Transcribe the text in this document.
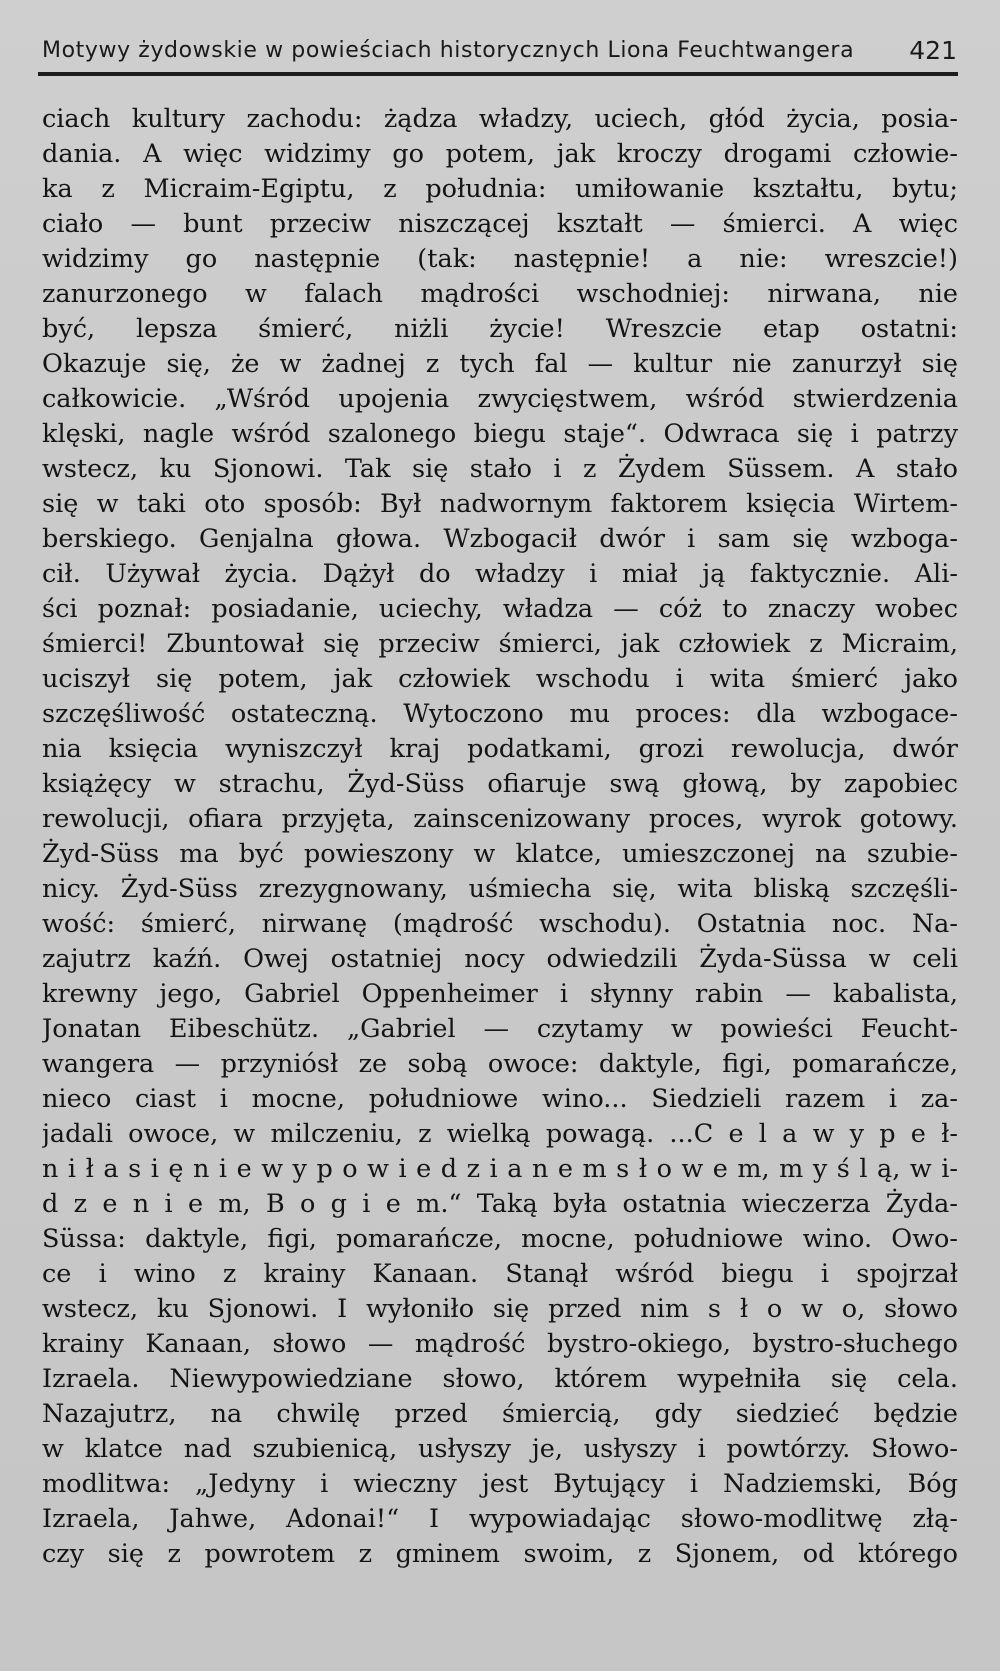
Motywy żydowskie w powieściach historycznych Liona Feuchtwangera 421
ciach kultury zachodu: żądza władzy, uciech, głód życia, posia-
dania. A więc widzimy go potem, jak kroczy drogami człowie-
ka z Micraim-Egiptu, z południa: umiłowanie kształtu, bytu;
ciało — bunt przeciw niszczącej kształt — śmierci. A więc
widzimy go następnie (tak: następnie! a nie: wreszcie!)
zanurzonego w falach mądrości wschodniej: nirwana, nie
być, lepsza śmierć, niżli życie! Wreszcie etap ostatni:
Okazuje się, że w żadnej z tych fal — kultur nie zanurzył się
całkowicie. „Wśród upojenia zwycięstwem, wśród stwierdzenia
klęski, nagle wśród szalonego biegu staje“. Odwraca się i patrzy
wstecz, ku Sjonowi. Tak się stało i z Żydem Süssem. A stało
się w taki oto sposób: Był nadwornym faktorem księcia Wirtem-
berskiego. Genjalna głowa. Wzbogacił dwór i sam się wzboga-
cił. Używał życia. Dążył do władzy i miał ją faktycznie. Ali-
ści poznał: posiadanie, uciechy, władza — cóż to znaczy wobec
śmierci! Zbuntował się przeciw śmierci, jak człowiek z Micraim,
uciszył się potem, jak człowiek wschodu i wita śmierć jako
szczęśliwość ostateczną. Wytoczono mu proces: dla wzbogace-
nia księcia wyniszczył kraj podatkami, grozi rewolucja, dwór
książęcy w strachu, Żyd-Süss ofiaruje swą głową, by zapobiec
rewolucji, ofiara przyjęta, zainscenizowany proces, wyrok gotowy.
Żyd-Süss ma być powieszony w klatce, umieszczonej na szubie-
nicy. Żyd-Süss zrezygnowany, uśmiecha się, wita bliską szczęśli-
wość: śmierć, nirwanę (mądrość wschodu). Ostatnia noc. Na-
zajutrz kaźń. Owej ostatniej nocy odwiedzili Żyda-Süssa w celi
krewny jego, Gabriel Oppenheimer i słynny rabin — kabalista,
Jonatan Eibeschütz. „Gabriel — czytamy w powieści Feucht-
wangera — przyniósł ze sobą owoce: daktyle, figi, pomarańcze,
nieco ciast i mocne, południowe wino... Siedzieli razem i za-
jadali owoce, w milczeniu, z wielką powagą. ...C e l a w y p e ł-
n i ł a s i ę n i e w y p o w i e d z i a n e m s ł o w e m, m y ś l ą, w i-
d z e n i e m, B o g i e m.“ Taką była ostatnia wieczerza Żyda-
Süssa: daktyle, figi, pomarańcze, mocne, południowe wino. Owo-
ce i wino z krainy Kanaan. Stanął wśród biegu i spojrzał
wstecz, ku Sjonowi. I wyłoniło się przed nim s ł o w o, słowo
krainy Kanaan, słowo — mądrość bystro-okiego, bystro-słuchego
Izraela. Niewypowiedziane słowo, którem wypełniła się cela.
Nazajutrz, na chwilę przed śmiercią, gdy siedzieć będzie
w klatce nad szubienicą, usłyszy je, usłyszy i powtórzy. Słowo-
modlitwa: „Jedyny i wieczny jest Bytujący i Nadziemski, Bóg
Izraela, Jahwe, Adonai!“ I wypowiadając słowo-modlitwę złą-
czy się z powrotem z gminem swoim, z Sjonem, od którego
